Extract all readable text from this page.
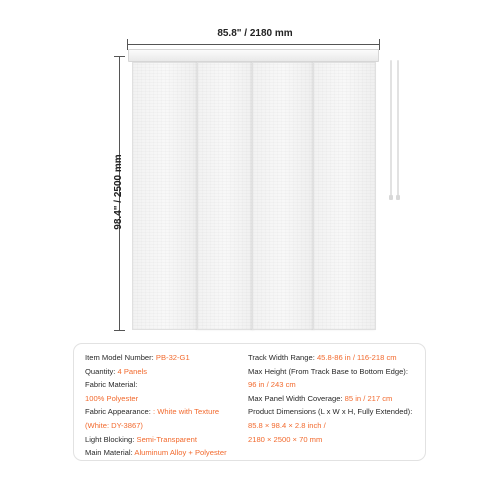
85.8" / 2180 mm
98.4" / 2500 mm
Item Model Number: PB-32-G1
Quantity: 4 Panels
Fabric Material:
100% Polyester
Fabric Appearance: : White with Texture
(White: DY-3867)
Light Blocking: Semi-Transparent
Main Material: Aluminum Alloy + Polyester
Track Width Range: 45.8-86 in / 116-218 cm
Max Height (From Track Base to Bottom Edge):
96 in / 243 cm
Max Panel Width Coverage: 85 in / 217 cm
Product Dimensions (L x W x H, Fully Extended):
85.8 × 98.4 × 2.8 inch /
2180 × 2500 × 70 mm
